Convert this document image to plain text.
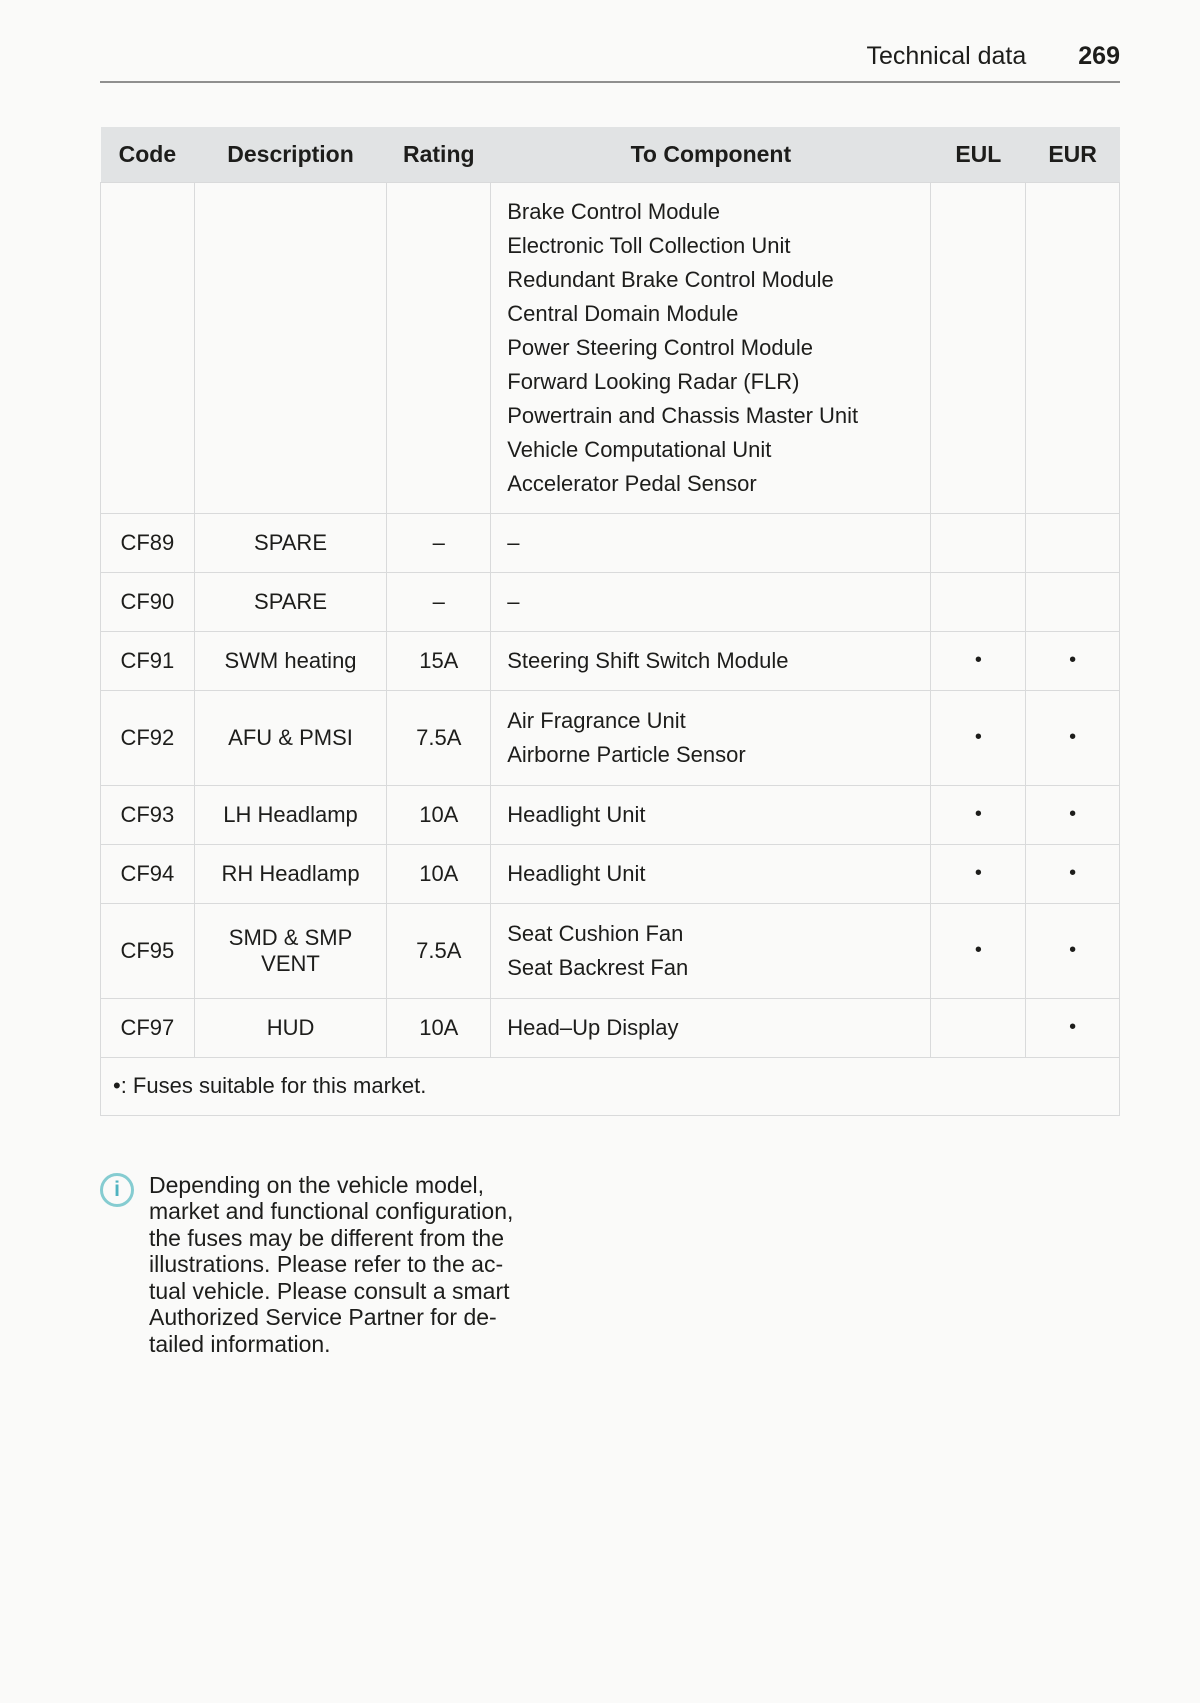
Technical data 269
Code	Description	Rating	To Component	EUL	EUR

Brake Control Module
Electronic Toll Collection Unit
Redundant Brake Control Module
Central Domain Module
Power Steering Control Module
Forward Looking Radar (FLR)
Powertrain and Chassis Master Unit
Vehicle Computational Unit
Accelerator Pedal Sensor

CF89	SPARE	–	–		

CF90	SPARE	–	–		

CF91	SWM heating	15A	Steering Shift Switch Module	•	•
CF92	AFU & PMSI	7.5A	Air Fragrance Unit
Airborne Particle Sensor	•	•
CF93	LH Headlamp	10A	Headlight Unit	•	•
CF94	RH Headlamp	10A	Headlight Unit	•	•
CF95	SMD & SMP VENT	7.5A	Seat Cushion Fan
Seat Backrest Fan	•	•
CF97	HUD	10A	Head–Up Display		•
•: Fuses suitable for this market.					
i	Depending on the vehicle model,
market and functional configuration,
the fuses may be different from the
illustrations. Please refer to the ac-
tual vehicle. Please consult a smart
Authorized Service Partner for de-
tailed information.
